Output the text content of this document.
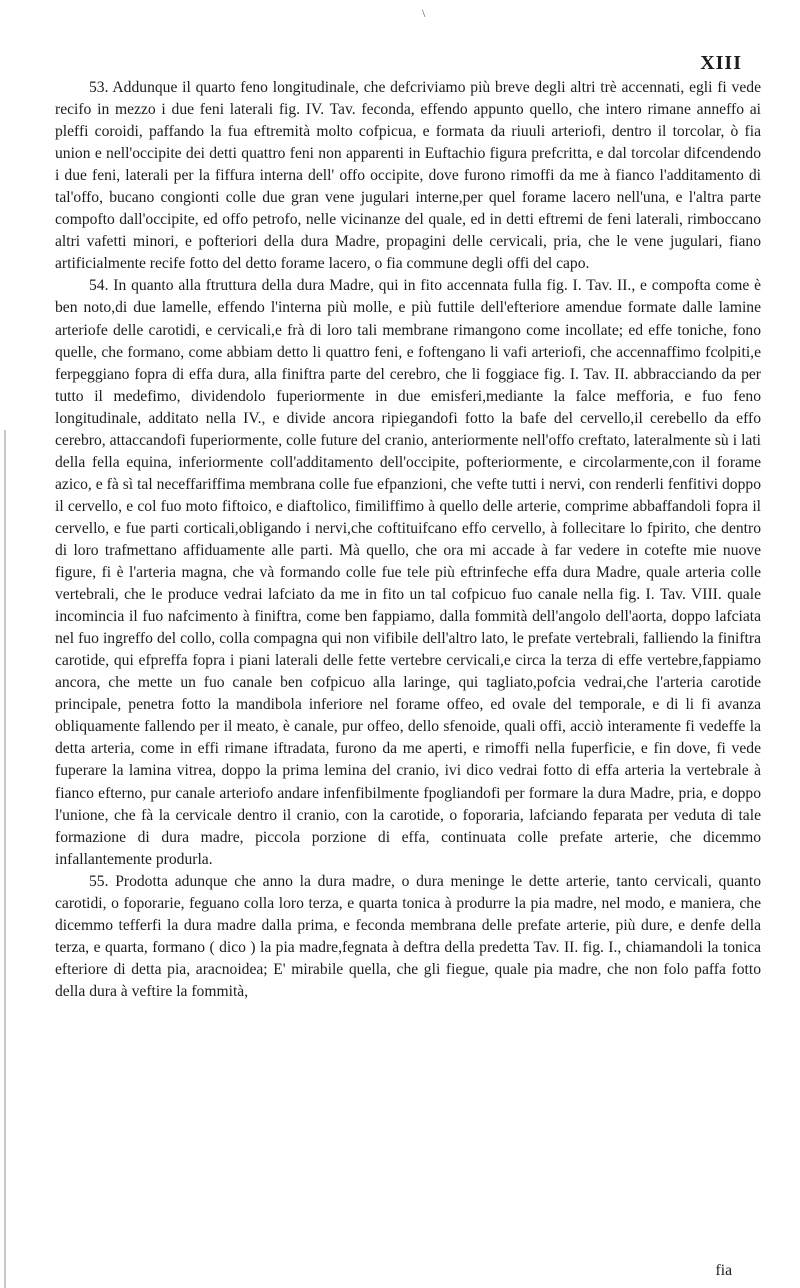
\
XIII

53. Addunque il quarto feno longitudinale, che defcriviamo più breve degli altri trè accennati, egli fi vede recifo in mezzo i due feni laterali fig. IV. Tav. feconda, effendo appunto quello, che intero rimane anneffo ai pleffi coroidi, paffando la fua eftremità molto cofpicua, e formata da riuuli arteriofi, dentro il torcolar, ò fia union e nell'occipite dei detti quattro feni non apparenti in Euftachio figura prefcritta, e dal torcolar difcendendo i due feni, laterali per la fiffura interna dell' offo occipite, dove furono rimoffi da me à fianco l'additamento di tal'offo, bucano congionti colle due gran vene jugulari interne,per quel forame lacero nell'una, e l'altra parte compofto dall'occipite, ed offo petrofo, nelle vicinanze del quale, ed in detti eftremi de feni laterali, rimboccano altri vafetti minori, e pofteriori della dura Madre, propagini delle cervicali, pria, che le vene jugulari, fiano artificialmente recife fotto del detto forame lacero, o fia commune degli offi del capo.

54. In quanto alla ftruttura della dura Madre, qui in fito accennata fulla fig. I. Tav. II., e compofta come è ben noto,di due lamelle, effendo l'interna più molle, e più futtile dell'efteriore amendue formate dalle lamine arteriofe delle carotidi, e cervicali,e frà di loro tali membrane rimangono come incollate; ed effe toniche, fono quelle, che formano, come abbiam detto li quattro feni, e foftengano li vafi arteriofi, che accennaffimo fcolpiti,e ferpeggiano fopra di effa dura, alla finiftra parte del cerebro, che li foggiace fig. I. Tav. II. abbracciando da per tutto il medefimo, dividendolo fuperiormente in due emisferi,mediante la falce mefforia, e fuo feno longitudinale, additato nella IV., e divide ancora ripiegandofi fotto la bafe del cervello,il cerebello da effo cerebro, attaccandofi fuperiormente, colle future del cranio, anteriormente nell'offo creftato, lateralmente sù i lati della fella equina, inferiormente coll'additamento dell'occipite, pofteriormente, e circolarmente,con il forame azico, e fà sì tal neceffariffima membrana colle fue efpanzioni, che vefte tutti i nervi, con renderli fenfitivi doppo il cervello, e col fuo moto fiftoico, e diaftolico, fimiliffimo à quello delle arterie, comprime abbaffandoli fopra il cervello, e fue parti corticali,obligando i nervi,che coftituifcano effo cervello, à follecitare lo fpirito, che dentro di loro trafmettano affiduamente alle parti. Mà quello, che ora mi accade à far vedere in cotefte mie nuove figure, fi è l'arteria magna, che và formando colle fue tele più eftrinfeche effa dura Madre, quale arteria colle vertebrali, che le produce vedrai lafciato da me in fito un tal cofpicuo fuo canale nella fig. I. Tav. VIII. quale incomincia il fuo nafcimento à finiftra, come ben fappiamo, dalla fommità dell'angolo dell'aorta, doppo lafciata nel fuo ingreffo del collo, colla compagna qui non vifibile dell'altro lato, le prefate vertebrali, falliendo la finiftra carotide, qui efpreffa fopra i piani laterali delle fette vertebre cervicali,e circa la terza di effe vertebre,fappiamo ancora, che mette un fuo canale ben cofpicuo alla laringe, qui tagliato,pofcia vedrai,che l'arteria carotide principale, penetra fotto la mandibola inferiore nel forame offeo, ed ovale del temporale, e di li fi avanza obliquamente fallendo per il meato, è canale, pur offeo, dello sfenoide, quali offi, acciò interamente fi vedeffe la detta arteria, come in effi rimane iftradata, furono da me aperti, e rimoffi nella fuperficie, e fin dove, fi vede fuperare la lamina vitrea, doppo la prima lemina del cranio, ivi dico vedrai fotto di effa arteria la vertebrale à fianco efterno, pur canale arteriofo andare infenfibilmente fpogliandofi per formare la dura Madre, pria, e doppo l'unione, che fà la cervicale dentro il cranio, con la carotide, o foporaria, lafciando feparata per veduta di tale formazione di dura madre, piccola porzione di effa, continuata colle prefate arterie, che dicemmo infallantemente produrla.

55. Prodotta adunque che anno la dura madre, o dura meninge le dette arterie, tanto cervicali, quanto carotidi, o foporarie, feguano colla loro terza, e quarta tonica à produrre la pia madre, nel modo, e maniera, che dicemmo tefferfi la dura madre dalla prima, e feconda membrana delle prefate arterie, più dure, e denfe della terza, e quarta, formano ( dico ) la pia madre,fegnata à deftra della predetta Tav. II. fig. I., chiamandoli la tonica efteriore di detta pia, aracnoidea; E' mirabile quella, che gli fiegue, quale pia madre, che non folo paffa fotto della dura à veftire la fommità,

fia
